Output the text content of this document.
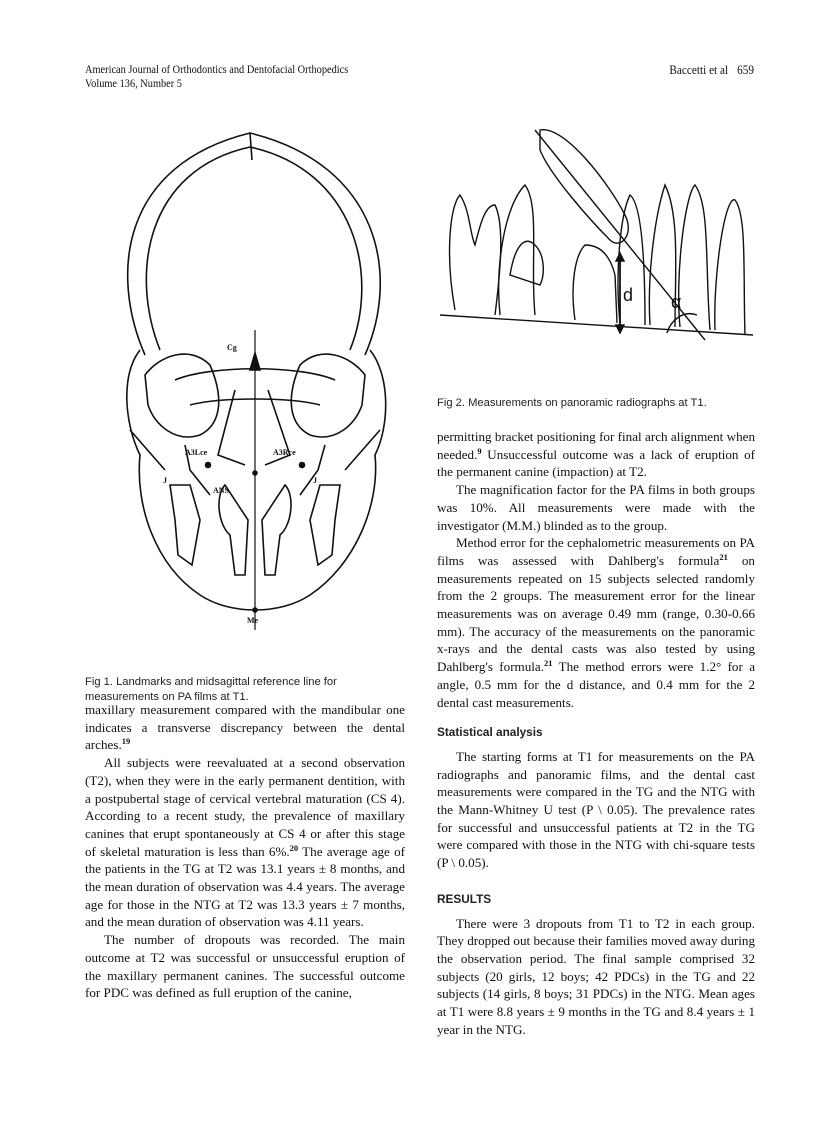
American Journal of Orthodontics and Dentofacial Orthopedics
Volume 136, Number 5
Baccetti et al 659
Cg
A3Lce	A3Rce
ANS
J	J
Me
Fig 1. Landmarks and midsagittal reference line for measurements on PA films at T1.
d α
Fig 2. Measurements on panoramic radiographs at T1.

maxillary measurement compared with the mandibular one indicates a transverse discrepancy between the dental arches.$^{19}$

All subjects were reevaluated at a second observation (T2), when they were in the early permanent dentition, with a postpubertal stage of cervical vertebral maturation (CS 4). According to a recent study, the prevalence of maxillary canines that erupt spontaneously at CS 4 or after this stage of skeletal maturation is less than 6%.$^{20}$ The average age of the patients in the TG at T2 was 13.1 years ± 8 months, and the mean duration of observation was 4.4 years. The average age for those in the NTG at T2 was 13.3 years ± 7 months, and the mean duration of observation was 4.11 years.

The number of dropouts was recorded. The main outcome at T2 was successful or unsuccessful eruption of the maxillary permanent canines. The successful outcome for PDC was defined as full eruption of the canine,

permitting bracket positioning for final arch alignment when needed.$^9$ Unsuccessful outcome was a lack of eruption of the permanent canine (impaction) at T2.

The magnification factor for the PA films in both groups was 10%. All measurements were made with the investigator (M.M.) blinded as to the group.

Method error for the cephalometric measurements on PA films was assessed with Dahlberg's formula$^{21}$ on measurements repeated on 15 subjects selected randomly from the 2 groups. The measurement error for the linear measurements was on average 0.49 mm (range, 0.30-0.66 mm). The accuracy of the measurements on the panoramic x-rays and the dental casts was also tested by using Dahlberg's formula.$^{21}$ The method errors were 1.2° for a angle, 0.5 mm for the d distance, and 0.4 mm for the 2 dental cast measurements.

Statistical analysis

The starting forms at T1 for measurements on the PA radiographs and panoramic films, and the dental cast measurements were compared in the TG and the NTG with the Mann-Whitney U test (P \ 0.05). The prevalence rates for successful and unsuccessful patients at T2 in the TG were compared with those in the NTG with chi-square tests (P \ 0.05).

RESULTS

There were 3 dropouts from T1 to T2 in each group. They dropped out because their families moved away during the observation period. The final sample comprised 32 subjects (20 girls, 12 boys; 42 PDCs) in the TG and 22 subjects (14 girls, 8 boys; 31 PDCs) in the NTG. Mean ages at T1 were 8.8 years ± 9 months in the TG and 8.4 years ± 1 year in the NTG.
